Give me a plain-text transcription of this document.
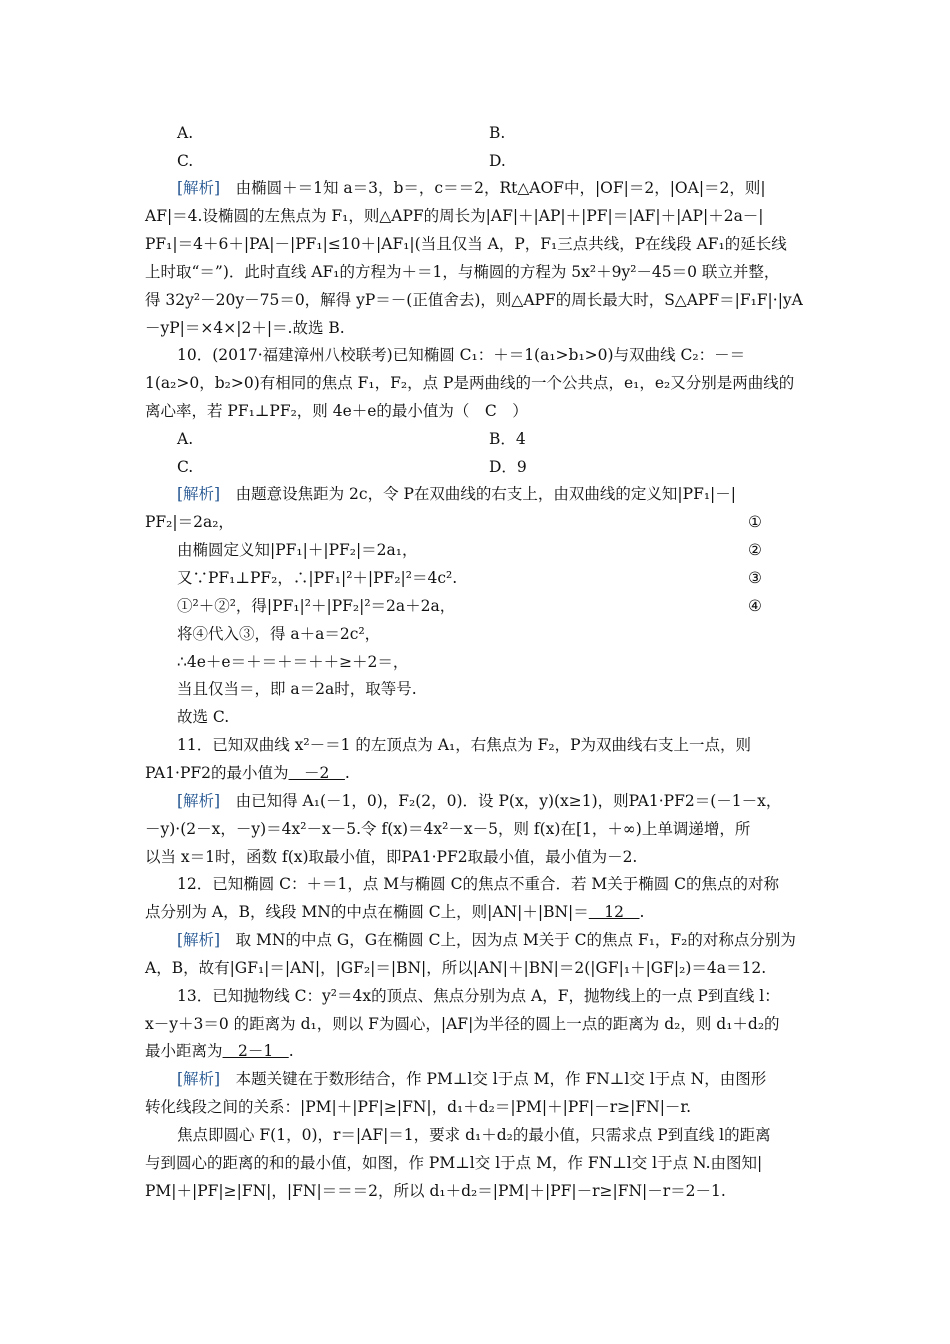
A.	B.
C.	D.
[解析]　由椭圆＋＝1知 a＝3，b＝，c＝＝2，Rt△AOF中，|OF|＝2，|OA|＝2，则|
AF|＝4.设椭圆的左焦点为 F₁，则△APF的周长为|AF|＋|AP|＋|PF|＝|AF|＋|AP|＋2a－|
PF₁|＝4＋6＋|PA|－|PF₁|≤10＋|AF₁|(当且仅当 A，P，F₁三点共线，P在线段 AF₁的延长线
上时取“＝”)．此时直线 AF₁的方程为＋＝1，与椭圆的方程为 5x²＋9y²－45＝0 联立并整，
得 32y²－20y－75＝0，解得 yP＝－(正值舍去)，则△APF的周长最大时，S△APF＝|F₁F|·|yA
－yP|＝×4×|2＋|＝.故选 B.
10．(2017·福建漳州八校联考)已知椭圆 C₁：＋＝1(a₁>b₁>0)与双曲线 C₂：－＝
1(a₂>0，b₂>0)有相同的焦点 F₁，F₂，点 P是两曲线的一个公共点，e₁，e₂又分别是两曲线的
离心率，若 PF₁⊥PF₂，则 4e＋e的最小值为（　C　）
A.	B．4
C.	D．9
[解析]　由题意设焦距为 2c，令 P在双曲线的右支上，由双曲线的定义知|PF₁|－|
PF₂|＝2a₂，	①
由椭圆定义知|PF₁|＋|PF₂|＝2a₁，	②
又∵PF₁⊥PF₂，∴|PF₁|²＋|PF₂|²＝4c².	③
①²＋②²，得|PF₁|²＋|PF₂|²＝2a＋2a，	④
将④代入③，得 a＋a＝2c²，
∴4e＋e＝＋＝＋＝＋＋≥＋2＝，
当且仅当＝，即 a＝2a时，取等号.
故选 C.
11．已知双曲线 x²－＝1 的左顶点为 A₁，右焦点为 F₂，P为双曲线右支上一点，则
PA1·PF2的最小值为　－2　.
[解析]　由已知得 A₁(－1，0)，F₂(2，0)．设 P(x，y)(x≥1)，则PA1·PF2＝(－1－x，
－y)·(2－x，－y)＝4x²－x－5.令 f(x)＝4x²－x－5，则 f(x)在[1，＋∞)上单调递增，所
以当 x＝1时，函数 f(x)取最小值，即PA1·PF2取最小值，最小值为－2.
12．已知椭圆 C：＋＝1，点 M与椭圆 C的焦点不重合．若 M关于椭圆 C的焦点的对称
点分别为 A，B，线段 MN的中点在椭圆 C上，则|AN|＋|BN|＝　12　.
[解析]　取 MN的中点 G，G在椭圆 C上，因为点 M关于 C的焦点 F₁，F₂的对称点分别为
A，B，故有|GF₁|＝|AN|，|GF₂|＝|BN|，所以|AN|＋|BN|＝2(|GF|₁＋|GF|₂)＝4a＝12.
13．已知抛物线 C：y²＝4x的顶点、焦点分别为点 A，F，抛物线上的一点 P到直线 l：
x－y＋3＝0 的距离为 d₁，则以 F为圆心，|AF|为半径的圆上一点的距离为 d₂，则 d₁＋d₂的
最小距离为　2－1　.
[解析]　本题关键在于数形结合，作 PM⊥l交 l于点 M，作 FN⊥l交 l于点 N，由图形
转化线段之间的关系：|PM|＋|PF|≥|FN|，d₁＋d₂＝|PM|＋|PF|－r≥|FN|－r.
焦点即圆心 F(1，0)，r＝|AF|＝1，要求 d₁＋d₂的最小值，只需求点 P到直线 l的距离
与到圆心的距离的和的最小值，如图，作 PM⊥l交 l于点 M，作 FN⊥l交 l于点 N.由图知|
PM|＋|PF|≥|FN|，|FN|＝＝＝2，所以 d₁＋d₂＝|PM|＋|PF|－r≥|FN|－r＝2－1.
